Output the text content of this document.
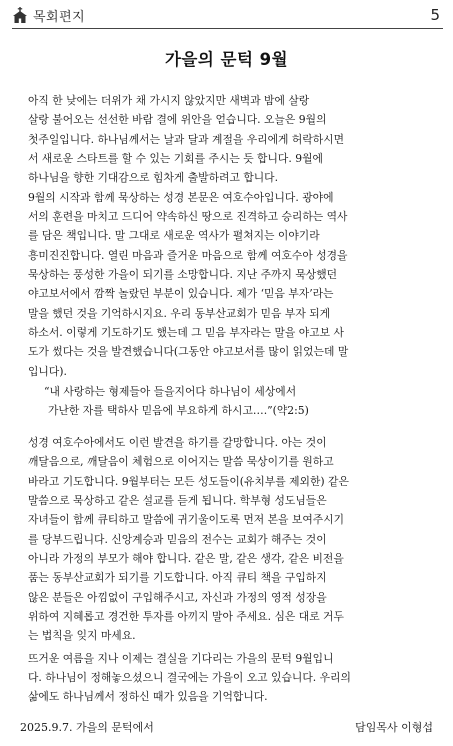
목회편지	5
가을의 문턱 9월

아직 한 낮에는 더위가 채 가시지 않았지만 새벽과 밤에 살랑
살랑 불어오는 선선한 바람 결에 위안을 얻습니다. 오늘은 9월의
첫주일입니다. 하나님께서는 날과 달과 계절을 우리에게 허락하시면
서 새로운 스타트를 할 수 있는 기회를 주시는 듯 합니다. 9월에
하나님을 향한 기대감으로 힘차게 출발하려고 합니다.

9월의 시작과 함께 묵상하는 성경 본문은 여호수아입니다. 광야에
서의 훈련을 마치고 드디어 약속하신 땅으로 진격하고 승리하는 역사
를 담은 책입니다. 말 그대로 새로운 역사가 펼쳐지는 이야기라
흥미진진합니다. 열린 마음과 즐거운 마음으로 함께 여호수아 성경을
묵상하는 풍성한 가을이 되기를 소망합니다. 지난 주까지 묵상했던
야고보서에서 깜짝 놀랐던 부분이 있습니다. 제가 ‘믿음 부자’라는
말을 했던 것을 기억하시지요. 우리 동부산교회가 믿음 부자 되게
하소서. 이렇게 기도하기도 했는데 그 믿음 부자라는 말을 야고보 사
도가 썼다는 것을 발견했습니다(그동안 야고보서를 많이 읽었는데 말
입니다).

“내 사랑하는 형제들아 들을지어다 하나님이 세상에서
가난한 자를 택하사 믿음에 부요하게 하시고….”(약2:5)

성경 여호수아에서도 이런 발견을 하기를 갈망합니다. 아는 것이
깨달음으로, 깨달음이 체험으로 이어지는 말씀 묵상이기를 원하고
바라고 기도합니다. 9월부터는 모든 성도들이(유치부를 제외한) 같은
말씀으로 묵상하고 같은 설교를 듣게 됩니다. 학부형 성도님들은
자녀들이 함께 큐티하고 말씀에 귀기울이도록 먼저 본을 보여주시기
를 당부드립니다. 신앙계승과 믿음의 전수는 교회가 해주는 것이
아니라 가정의 부모가 해야 합니다. 같은 말, 같은 생각, 같은 비전을
품는 동부산교회가 되기를 기도합니다. 아직 큐티 책을 구입하지
않은 분들은 아낌없이 구입해주시고, 자신과 가정의 영적 성장을
위하여 지혜롭고 경건한 투자를 아끼지 말아 주세요. 심은 대로 거두
는 법칙을 잊지 마세요.

뜨거운 여름을 지나 이제는 결실을 기다리는 가을의 문턱 9월입니
다. 하나님이 정해놓으셨으니 결국에는 가을이 오고 있습니다. 우리의
삶에도 하나님께서 정하신 때가 있음을 기억합니다.

2025.9.7. 가을의 문턱에서	담임목사 이형섭
